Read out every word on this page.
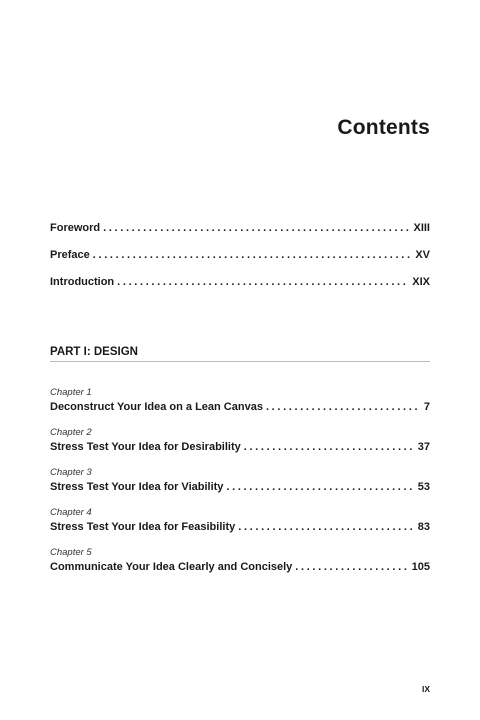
Contents
Foreword . . .	XIII
Preface . . .	XV
Introduction . . .	XIX
PART I: DESIGN
Chapter 1
Deconstruct Your Idea on a Lean Canvas . . .	7
Chapter 2
Stress Test Your Idea for Desirability . . .	37
Chapter 3
Stress Test Your Idea for Viability . . .	53
Chapter 4
Stress Test Your Idea for Feasibility . . .	83
Chapter 5
Communicate Your Idea Clearly and Concisely . . .	105
IX
